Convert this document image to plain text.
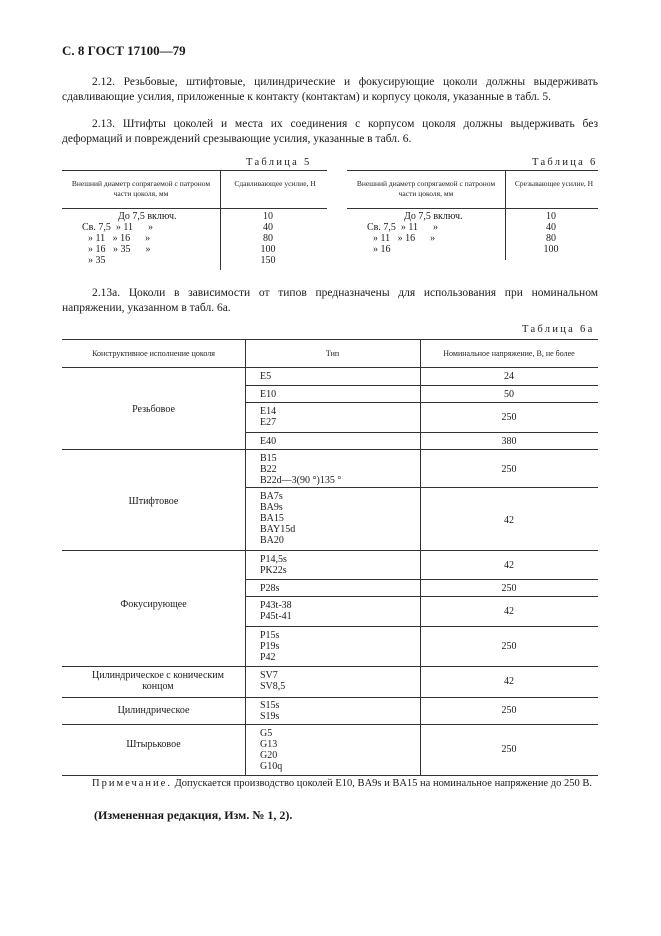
С. 8 ГОСТ 17100—79
2.12. Резьбовые, штифтовые, цилиндрические и фокусирующие цоколи должны выдерживать сдавливающие усилия, приложенные к контакту (контактам) и корпусу цоколя, указанные в табл. 5.
2.13. Штифты цоколей и места их соединения с корпусом цоколя должны выдерживать без деформаций и повреждений срезывающие усилия, указанные в табл. 6.
Таблица 5
Внешний диаметр сопрягаемой с патроном части цоколя, мм
Сдавливающее усилие, Н
До 7,5 включ.
Св. 7,5  » 11      »
» 11   » 16      »
» 16   » 35      »
» 35
10
40
80
100
150
Таблица 6
Внешний диаметр сопрягаемой с патроном части цоколя, мм
Срезывающее усилие, Н
До 7,5 включ.
Св. 7,5  » 11      »
» 11   » 16      »
» 16
10
40
80
100
2.13а. Цоколи в зависимости от типов предназначены для использования при номинальном напряжении, указанном в табл. 6а.
Таблица 6а
Конструктивное исполнение цоколя	Тип	Номинальное напряжение, В, не более
Резьбовое
Штифтовое
Фокусирующее
Цилиндрическое с коническим концом
Цилиндрическое
Штырьковое
E5
E10
E14
E27
E40
B15
B22
B22d—3(90 °)135 °
BA7s
BA9s
BA15
BAY15d
BA20
P14,5s
PK22s
P28s
P43t-38
P45t-41
P15s
P19s
P42
SV7
SV8,5
S15s
S19s
G5
G13
G20
G10q
24
50
250
380
250
42
42
250
42
250
42
250
250
Примечание. Допускается производство цоколей E10, BA9s и BA15 на номинальное напряжение до 250 В.
(Измененная редакция, Изм. № 1, 2).
